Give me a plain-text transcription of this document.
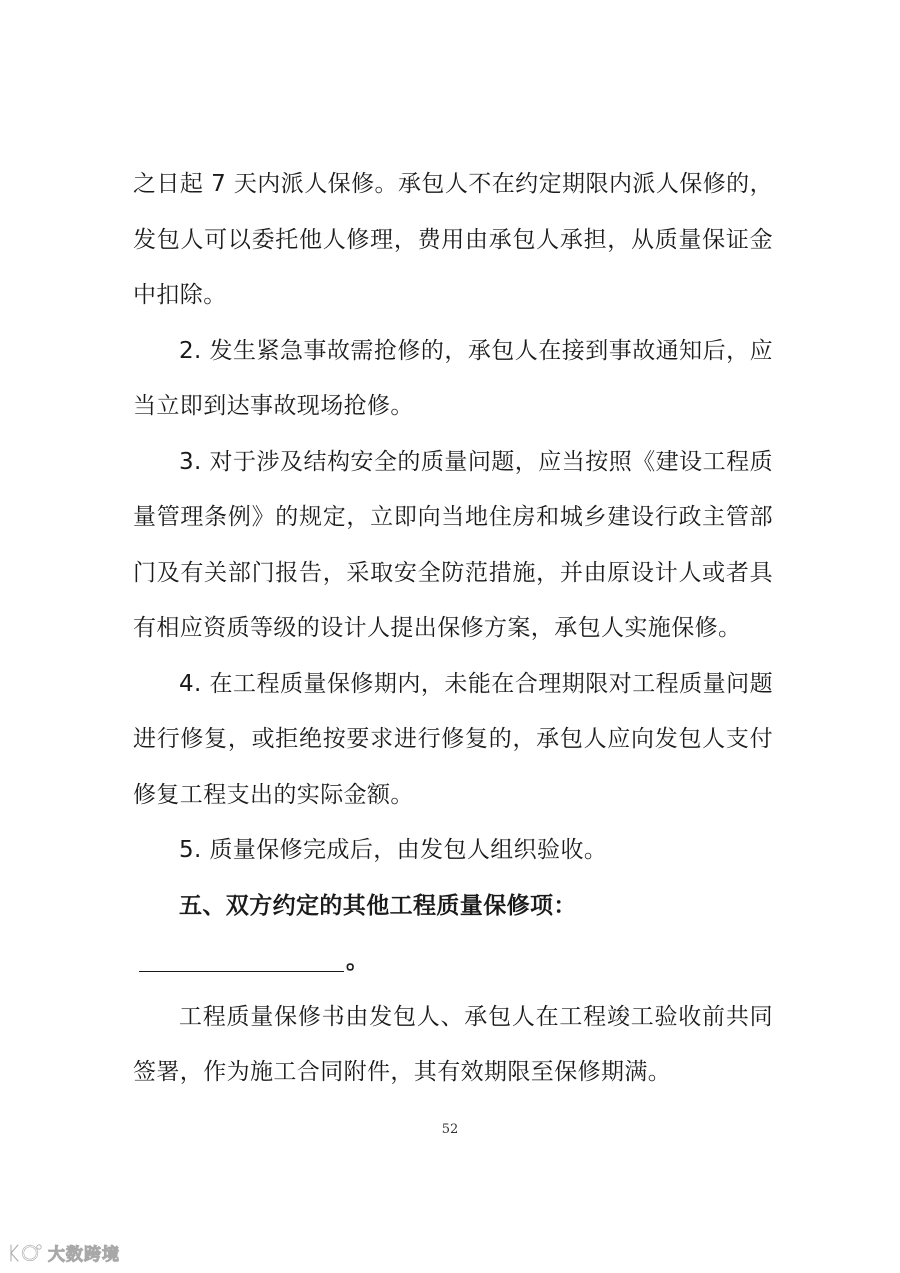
之日起 7 天内派人保修。承包人不在约定期限内派人保修的，发包人可以委托他人修理，费用由承包人承担，从质量保证金中扣除。

2. 发生紧急事故需抢修的，承包人在接到事故通知后，应当立即到达事故现场抢修。

3. 对于涉及结构安全的质量问题，应当按照《建设工程质量管理条例》的规定，立即向当地住房和城乡建设行政主管部门及有关部门报告，采取安全防范措施，并由原设计人或者具有相应资质等级的设计人提出保修方案，承包人实施保修。

4. 在工程质量保修期内，未能在合理期限对工程质量问题进行修复，或拒绝按要求进行修复的，承包人应向发包人支付修复工程支出的实际金额。

5. 质量保修完成后，由发包人组织验收。

五、双方约定的其他工程质量保修项：。

工程质量保修书由发包人、承包人在工程竣工验收前共同签署，作为施工合同附件，其有效期限至保修期满。

52
大数跨境
